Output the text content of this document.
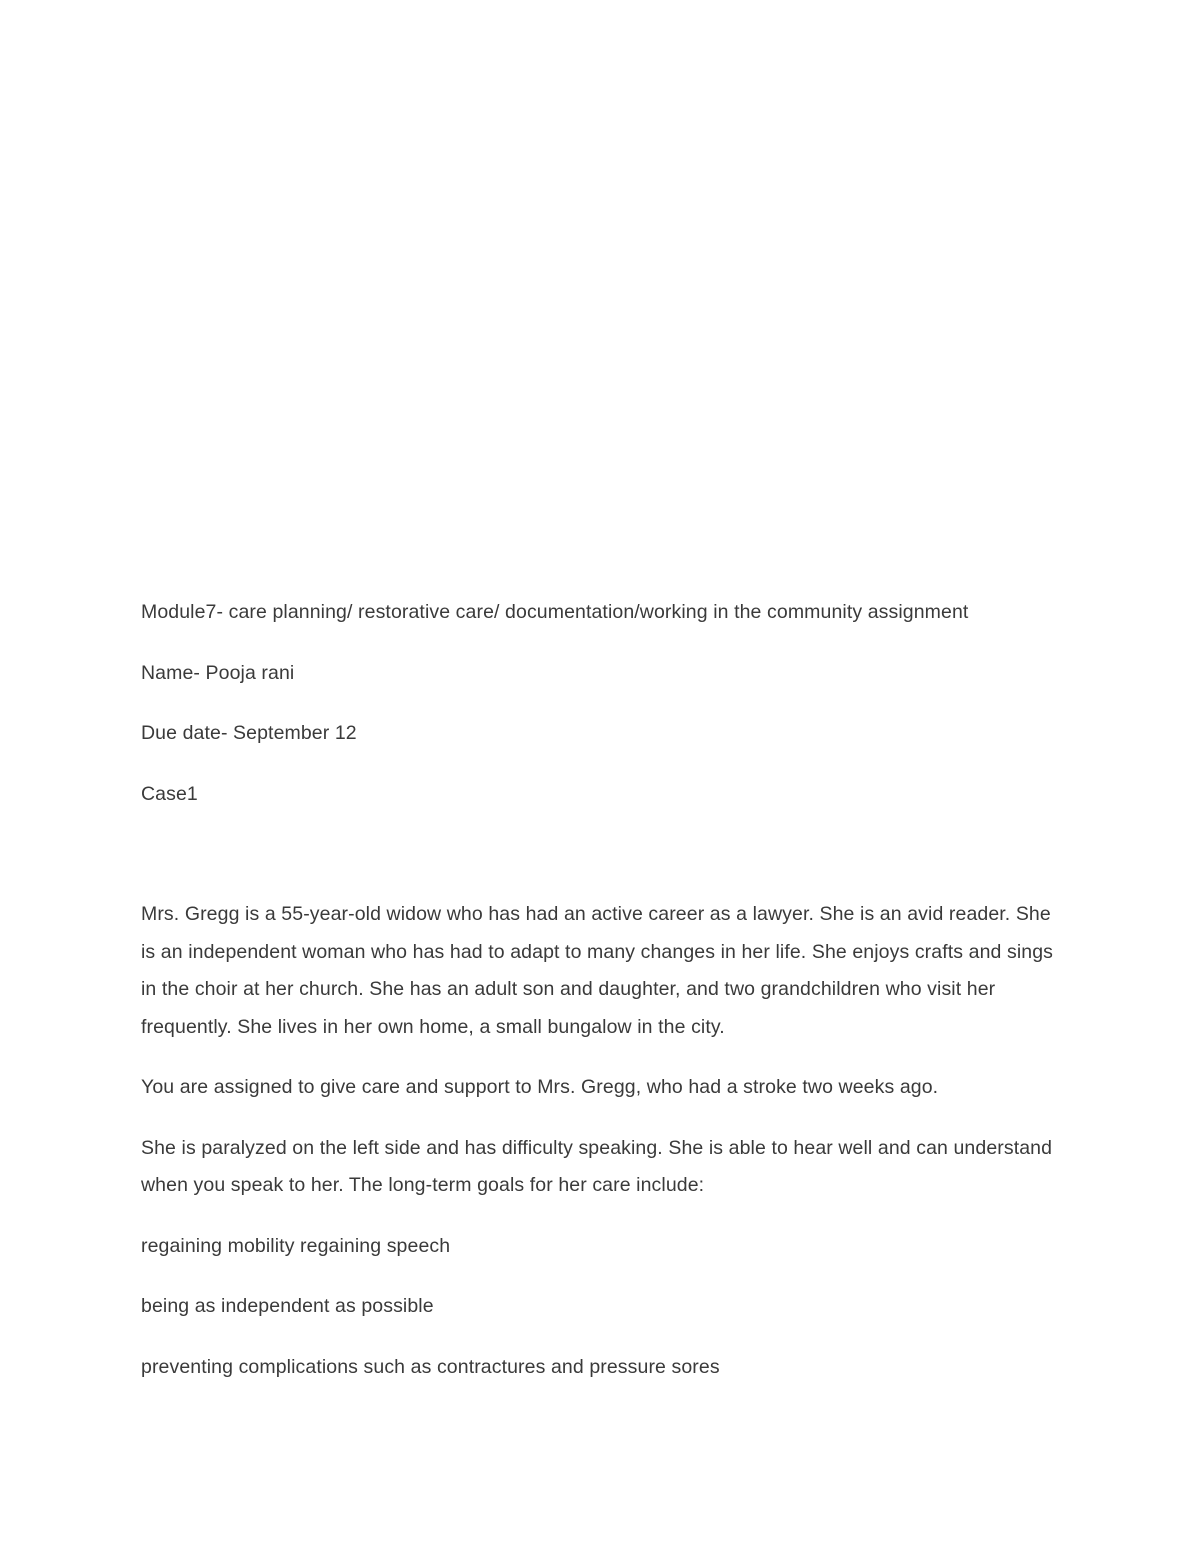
Module7- care planning/ restorative care/ documentation/working in the community assignment

Name- Pooja rani

Due date- September 12

Case1

Mrs. Gregg is a 55-year-old widow who has had an active career as a lawyer. She is an avid reader. She is an independent woman who has had to adapt to many changes in her life. She enjoys crafts and sings in the choir at her church. She has an adult son and daughter, and two grandchildren who visit her frequently. She lives in her own home, a small bungalow in the city.

You are assigned to give care and support to Mrs. Gregg, who had a stroke two weeks ago.

She is paralyzed on the left side and has difficulty speaking. She is able to hear well and can understand when you speak to her. The long-term goals for her care include:

regaining mobility regaining speech

being as independent as possible

preventing complications such as contractures and pressure sores
